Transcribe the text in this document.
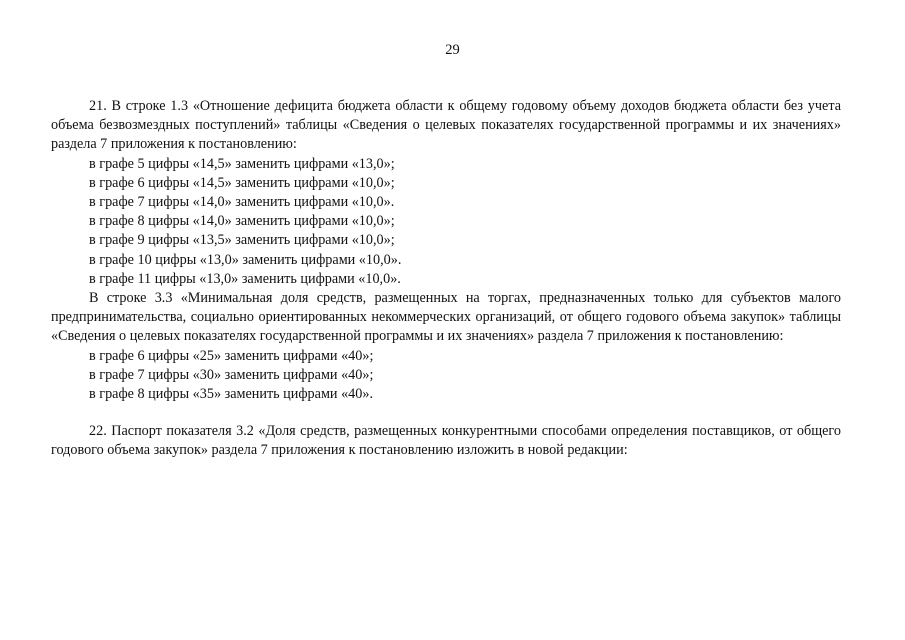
29

21. В строке 1.3 «Отношение дефицита бюджета области к общему годовому объему доходов бюджета области без учета объема безвозмездных поступлений» таблицы «Сведения о целевых показателях государственной программы и их значениях» раздела 7 приложения к постановлению:

в графе 5 цифры «14,5» заменить цифрами «13,0»;

в графе 6 цифры «14,5» заменить цифрами «10,0»;

в графе 7 цифры «14,0» заменить цифрами «10,0».

в графе 8 цифры «14,0» заменить цифрами «10,0»;

в графе 9 цифры «13,5» заменить цифрами «10,0»;

в графе 10 цифры «13,0» заменить цифрами «10,0».

в графе 11 цифры «13,0» заменить цифрами «10,0».

В строке 3.3 «Минимальная доля средств, размещенных на торгах, предназначенных только для субъектов малого предпринимательства, социально ориентированных некоммерческих организаций, от общего годового объема закупок» таблицы «Сведения о целевых показателях государственной программы и их значениях» раздела 7 приложения к постановлению:

в графе 6 цифры «25» заменить цифрами «40»;

в графе 7 цифры «30» заменить цифрами «40»;

в графе 8 цифры «35» заменить цифрами «40».

22. Паспорт показателя 3.2 «Доля средств, размещенных конкурентными способами определения поставщиков, от общего годового объема закупок» раздела 7 приложения к постановлению изложить в новой редакции:
